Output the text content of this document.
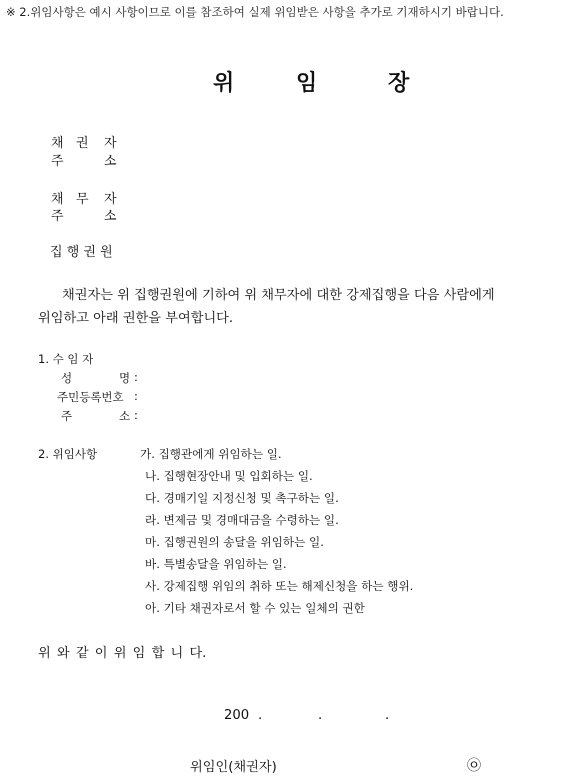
※ 2.위임사항은 예시 사항이므로 이를 참조하여 실제 위임받은 사항을 추가로 기재하시기 바랍니다.
위	임	장
채 권 자
주	소
채 무 자
주	소
집 행 권 원
채권자는 위 집행권원에 기하여 위 채무자에 대한 강제집행을 다음 사람에게
위임하고 아래 권한을 부여합니다.
1. 수 임 자
성	명 :
주민등록번호 :
주	소 :
2. 위임사항	가. 집행관에게 위임하는 일.
나. 집행현장안내 및 입회하는 일.
다. 경매기일 지정신청 및 촉구하는 일.
라. 변제금 및 경매대금을 수령하는 일.
마. 집행권원의 송달을 위임하는 일.
바. 특별송달을 위임하는 일.
사. 강제집행 위임의 취하 또는 해제신청을 하는 행위.
아. 기타 채권자로서 할 수 있는 일체의 권한
위 와 같 이 위 임 합 니 다.
200 .	.	.
위임인(채권자)	㉧
